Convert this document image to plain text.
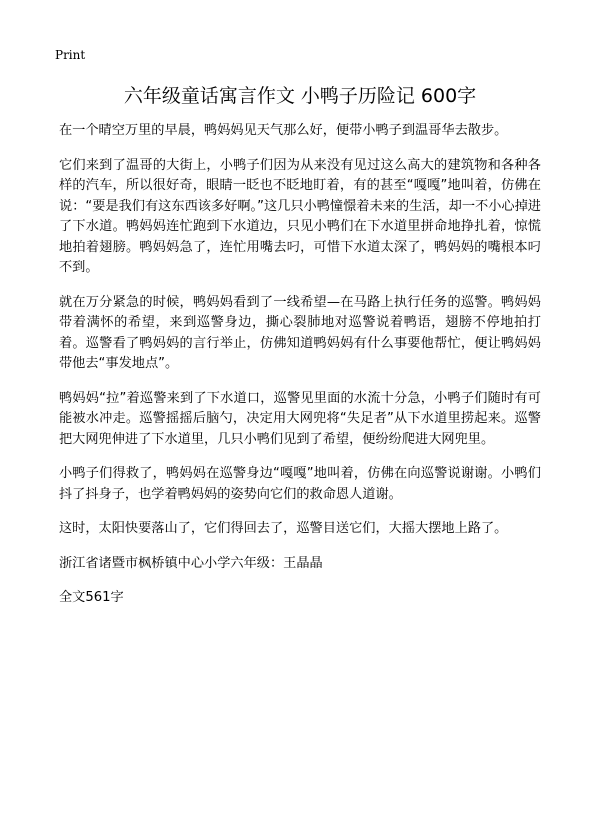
Print
六年级童话寓言作文 小鸭子历险记 600字

在一个晴空万里的早晨，鸭妈妈见天气那么好，便带小鸭子到温哥华去散步。

它们来到了温哥的大街上，小鸭子们因为从来没有见过这么高大的建筑物和各种各样的汽车，所以很好奇，眼睛一眨也不眨地盯着，有的甚至“嘎嘎”地叫着，仿佛在说：“要是我们有这东西该多好啊。”这几只小鸭憧憬着未来的生活，却一不小心掉进了下水道。鸭妈妈连忙跑到下水道边，只见小鸭们在下水道里拼命地挣扎着，惊慌地拍着翅膀。鸭妈妈急了，连忙用嘴去叼，可惜下水道太深了，鸭妈妈的嘴根本叼不到。

就在万分紧急的时候，鸭妈妈看到了一线希望—在马路上执行任务的巡警。鸭妈妈带着满怀的希望，来到巡警身边，撕心裂肺地对巡警说着鸭语，翅膀不停地拍打着。巡警看了鸭妈妈的言行举止，仿佛知道鸭妈妈有什么事要他帮忙，便让鸭妈妈带他去“事发地点”。

鸭妈妈“拉”着巡警来到了下水道口，巡警见里面的水流十分急，小鸭子们随时有可能被水冲走。巡警摇摇后脑勺，决定用大网兜将“失足者”从下水道里捞起来。巡警把大网兜伸进了下水道里，几只小鸭们见到了希望，便纷纷爬进大网兜里。

小鸭子们得救了，鸭妈妈在巡警身边“嘎嘎”地叫着，仿佛在向巡警说谢谢。小鸭们抖了抖身子，也学着鸭妈妈的姿势向它们的救命恩人道谢。

这时，太阳快要落山了，它们得回去了，巡警目送它们，大摇大摆地上路了。

浙江省诸暨市枫桥镇中心小学六年级：王晶晶

全文561字
